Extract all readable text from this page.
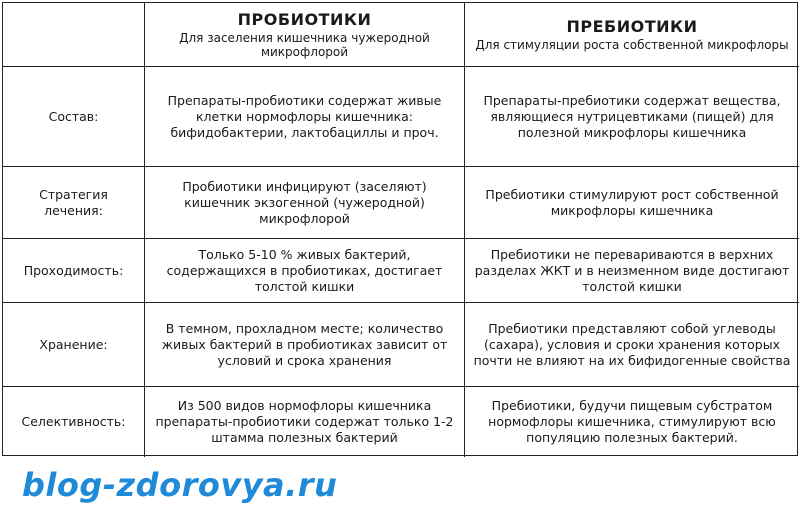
ПРОБИОТИКИ
Для заселения кишечника чужеродной микрофлорой
ПРЕБИОТИКИ
Для стимуляции роста собственной микрофлоры
Состав:
Препараты-пробиотики содержат живые клетки нормофлоры кишечника: бифидобактерии, лактобациллы и проч.
Препараты-пребиотики содержат вещества, являющиеся нутрицевтиками (пищей) для полезной микрофлоры кишечника
Стратегия лечения:
Пробиотики инфицируют (заселяют) кишечник экзогенной (чужеродной) микрофлорой
Пребиотики стимулируют рост собственной микрофлоры кишечника
Проходимость:
Только 5-10 % живых бактерий, содержащихся в пробиотиках, достигает толстой кишки
Пребиотики не перевариваются в верхних разделах ЖКТ и в неизменном виде достигают толстой кишки
Хранение:
В темном, прохладном месте; количество живых бактерий в пробиотиках зависит от условий и срока хранения
Пребиотики представляют собой углеводы (сахара), условия и сроки хранения которых почти не влияют на их бифидогенные свойства
Селективность:
Из 500 видов нормофлоры кишечника препараты-пробиотики содержат только 1-2 штамма полезных бактерий
Пребиотики, будучи пищевым субстратом нормофлоры кишечника, стимулируют всю популяцию полезных бактерий.
blog-zdorovya.ru
